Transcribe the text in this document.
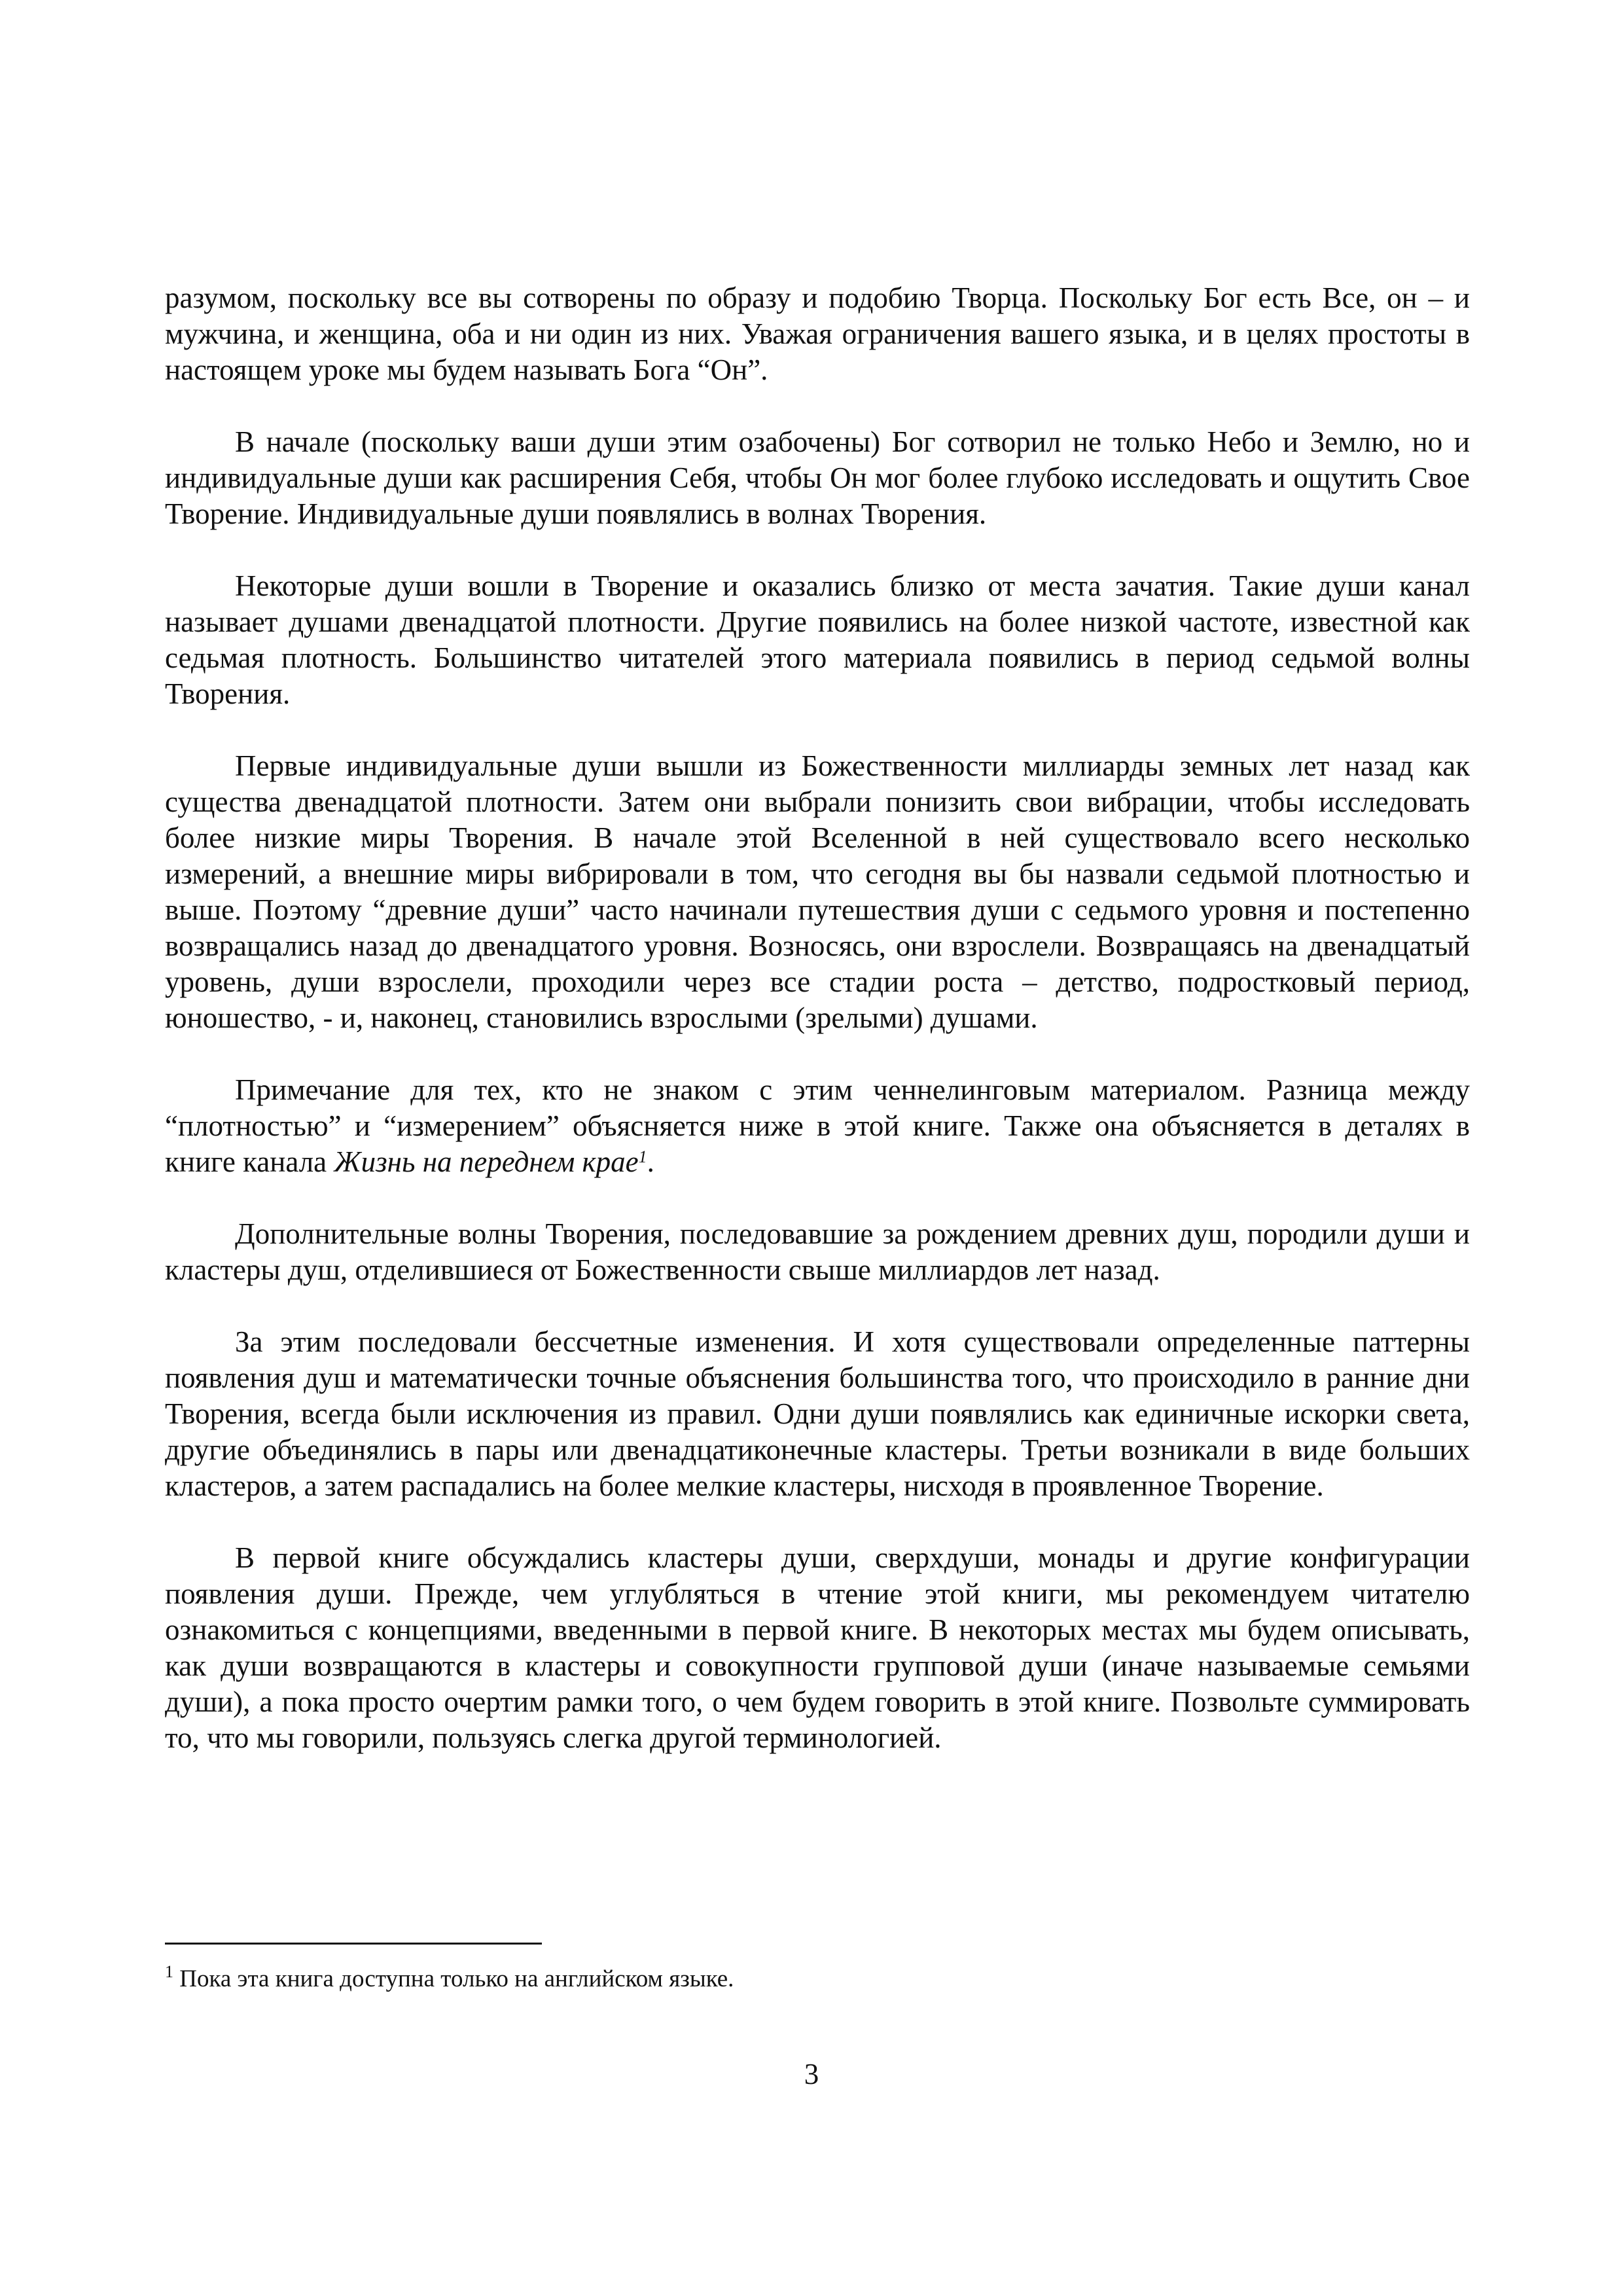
разумом, поскольку все вы сотворены по образу и подобию Творца. Поскольку Бог есть Все, он – и мужчина, и женщина, оба и ни один из них. Уважая ограничения вашего языка, и в целях простоты в настоящем уроке мы будем называть Бога “Он”.

В начале (поскольку ваши души этим озабочены) Бог сотворил не только Небо и Землю, но и индивидуальные души как расширения Себя, чтобы Он мог более глубоко исследовать и ощутить Свое Творение. Индивидуальные души появлялись в волнах Творения.

Некоторые души вошли в Творение и оказались близко от места зачатия. Такие души канал называет душами двенадцатой плотности. Другие появились на более низкой частоте, известной как седьмая плотность. Большинство читателей этого материала появились в период седьмой волны Творения.

Первые индивидуальные души вышли из Божественности миллиарды земных лет назад как существа двенадцатой плотности. Затем они выбрали понизить свои вибрации, чтобы исследовать более низкие миры Творения. В начале этой Вселенной в ней существовало всего несколько измерений, а внешние миры вибрировали в том, что сегодня вы бы назвали седьмой плотностью и выше. Поэтому “древние души” часто начинали путешествия души с седьмого уровня и постепенно возвращались назад до двенадцатого уровня. Возносясь, они взрослели. Возвращаясь на двенадцатый уровень, души взрослели, проходили через все стадии роста – детство, подростковый период, юношество, - и, наконец, становились взрослыми (зрелыми) душами.

Примечание для тех, кто не знаком с этим ченнелинговым материалом. Разница между “плотностью” и “измерением” объясняется ниже в этой книге. Также она объясняется в деталях в книге канала Жизнь на переднем крае$^1$.

Дополнительные волны Творения, последовавшие за рождением древних душ, породили души и кластеры душ, отделившиеся от Божественности свыше миллиардов лет назад.

За этим последовали бессчетные изменения. И хотя существовали определенные паттерны появления душ и математически точные объяснения большинства того, что происходило в ранние дни Творения, всегда были исключения из правил. Одни души появлялись как единичные искорки света, другие объединялись в пары или двенадцатиконечные кластеры. Третьи возникали в виде больших кластеров, а затем распадались на более мелкие кластеры, нисходя в проявленное Творение.

В первой книге обсуждались кластеры души, сверхдуши, монады и другие конфигурации появления души. Прежде, чем углубляться в чтение этой книги, мы рекомендуем читателю ознакомиться с концепциями, введенными в первой книге. В некоторых местах мы будем описывать, как души возвращаются в кластеры и совокупности групповой души (иначе называемые семьями души), а пока просто очертим рамки того, о чем будем говорить в этой книге. Позвольте суммировать то, что мы говорили, пользуясь слегка другой терминологией.

$^1$ Пока эта книга доступна только на английском языке.
3
